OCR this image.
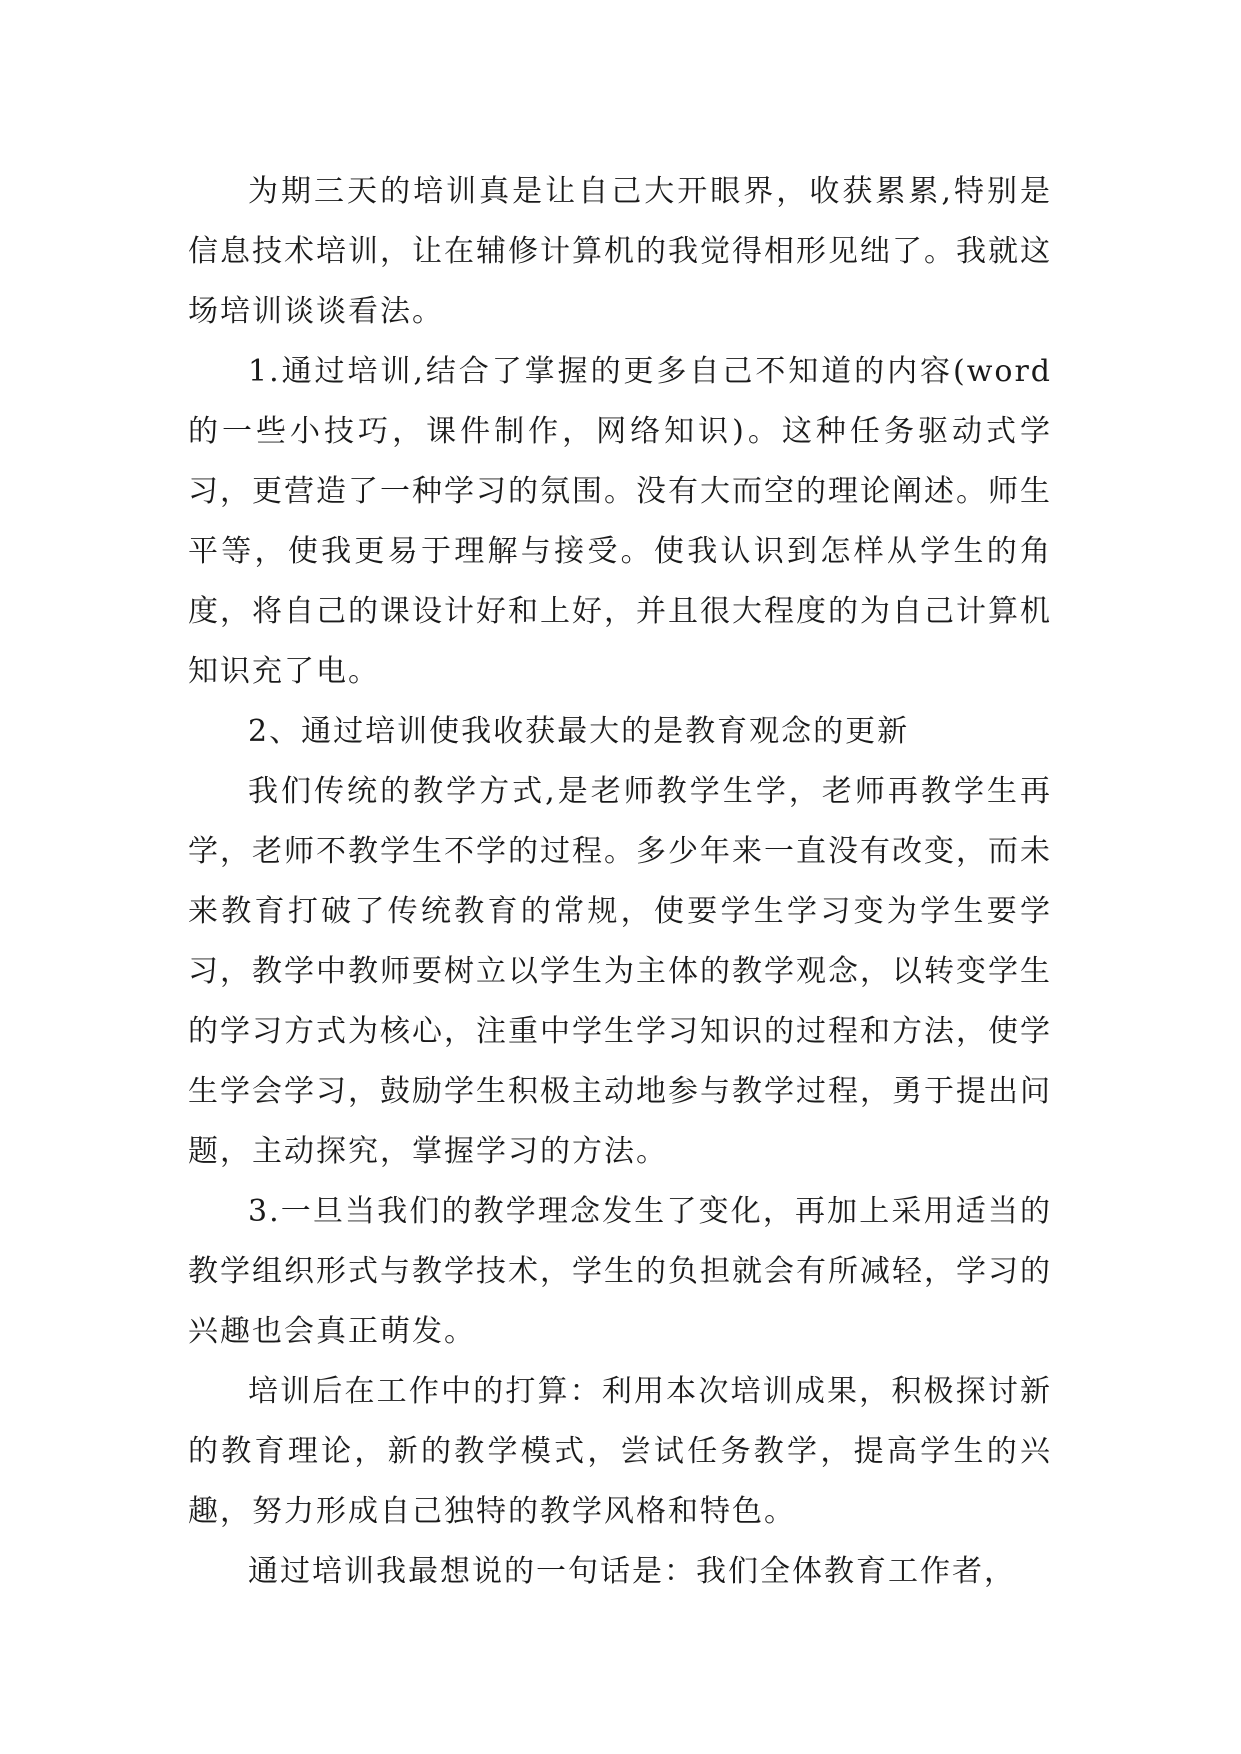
为期三天的培训真是让自己大开眼界，收获累累,特别是信息技术培训，让在辅修计算机的我觉得相形见绌了。我就这场培训谈谈看法。

1.通过培训,结合了掌握的更多自己不知道的内容(word的一些小技巧，课件制作，网络知识)。这种任务驱动式学习，更营造了一种学习的氛围。没有大而空的理论阐述。师生平等，使我更易于理解与接受。使我认识到怎样从学生的角度，将自己的课设计好和上好，并且很大程度的为自己计算机知识充了电。

2、通过培训使我收获最大的是教育观念的更新

我们传统的教学方式,是老师教学生学，老师再教学生再学，老师不教学生不学的过程。多少年来一直没有改变，而未来教育打破了传统教育的常规，使要学生学习变为学生要学习，教学中教师要树立以学生为主体的教学观念，以转变学生的学习方式为核心，注重中学生学习知识的过程和方法，使学生学会学习，鼓励学生积极主动地参与教学过程，勇于提出问题，主动探究，掌握学习的方法。

3.一旦当我们的教学理念发生了变化，再加上采用适当的教学组织形式与教学技术，学生的负担就会有所减轻，学习的兴趣也会真正萌发。

培训后在工作中的打算：利用本次培训成果，积极探讨新的教育理论，新的教学模式，尝试任务教学，提高学生的兴趣，努力形成自己独特的教学风格和特色。

通过培训我最想说的一句话是：我们全体教育工作者，
